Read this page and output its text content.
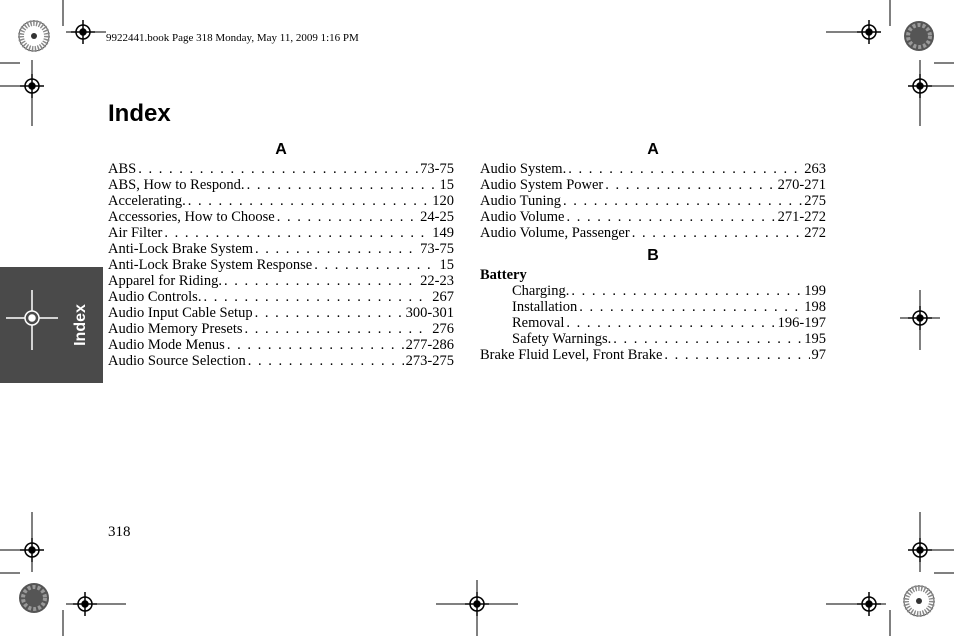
9922441.book Page 318 Monday, May 11, 2009 1:16 PM
Index
Index
A
ABS . . .	73-75
ABS, How to Respond. . . .	15
Accelerating. . . .	120
Accessories, How to Choose . . .	24-25
Air Filter . . .	149
Anti-Lock Brake System . . .	73-75
Anti-Lock Brake System Response . . .	15
Apparel for Riding. . . .	22-23
Audio Controls. . . .	267
Audio Input Cable Setup . . .	300-301
Audio Memory Presets . . .	276
Audio Mode Menus . . .	277-286
Audio Source Selection . . .	273-275
A
Audio System. . . .	263
Audio System Power . . .	270-271
Audio Tuning . . .	275
Audio Volume . . .	271-272
Audio Volume, Passenger . . .	272
B
Battery
Charging. . . .	199
Installation . . .	198
Removal . . .	196-197
Safety Warnings. . . .	195
Brake Fluid Level, Front Brake . . .	97
318
